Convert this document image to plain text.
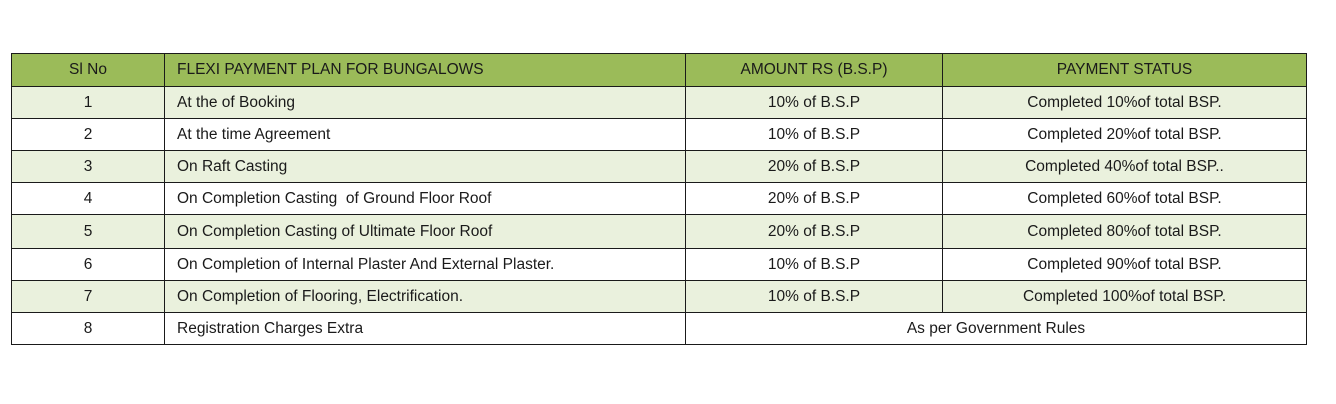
Sl No	FLEXI PAYMENT PLAN FOR BUNGALOWS	AMOUNT RS (B.S.P)	PAYMENT STATUS
1	At the of Booking	10% of B.S.P	Completed 10%of total BSP.
2	At the time Agreement	10% of B.S.P	Completed 20%of total BSP.
3	On Raft Casting	20% of B.S.P	Completed 40%of total BSP..
4	On Completion Casting  of Ground Floor Roof	20% of B.S.P	Completed 60%of total BSP.
5	On Completion Casting of Ultimate Floor Roof	20% of B.S.P	Completed 80%of total BSP.
6	On Completion of Internal Plaster And External Plaster.	10% of B.S.P	Completed 90%of total BSP.
7	On Completion of Flooring, Electrification.	10% of B.S.P	Completed 100%of total BSP.
8	Registration Charges Extra	As per Government Rules	
